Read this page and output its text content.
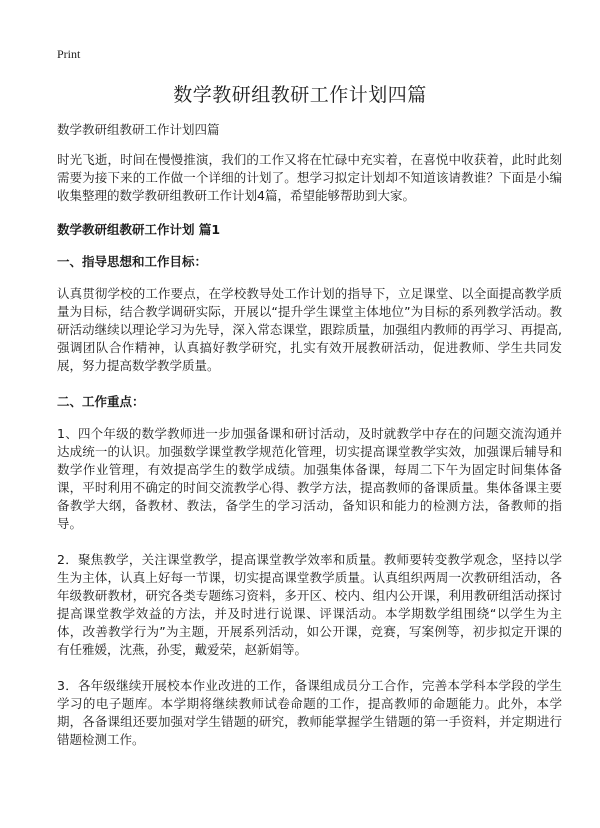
Print
数学教研组教研工作计划四篇

数学教研组教研工作计划四篇

时光飞逝，时间在慢慢推演，我们的工作又将在忙碌中充实着，在喜悦中收获着，此时此刻需要为接下来的工作做一个详细的计划了。想学习拟定计划却不知道该请教谁？下面是小编收集整理的数学教研组教研工作计划4篇，希望能够帮助到大家。

数学教研组教研工作计划 篇1

一、指导思想和工作目标：

认真贯彻学校的工作要点，在学校教导处工作计划的指导下，立足课堂、以全面提高教学质量为目标，结合教学调研实际，开展以“提升学生课堂主体地位”为目标的系列教学活动。教研活动继续以理论学习为先导，深入常态课堂，跟踪质量，加强组内教师的再学习、再提高,强调团队合作精神，认真搞好教学研究，扎实有效开展教研活动，促进教师、学生共同发展，努力提高数学教学质量。

二、工作重点：

1、四个年级的数学教师进一步加强备课和研讨活动，及时就教学中存在的问题交流沟通并达成统一的认识。加强数学课堂教学规范化管理，切实提高课堂教学实效，加强课后辅导和数学作业管理，有效提高学生的数学成绩。加强集体备课，每周二下午为固定时间集体备课，平时利用不确定的时间交流教学心得、教学方法，提高教师的备课质量。集体备课主要备教学大纲，备教材、教法，备学生的学习活动，备知识和能力的检测方法，备教师的指导。

2．聚焦教学，关注课堂教学，提高课堂教学效率和质量。教师要转变教学观念，坚持以学生为主体，认真上好每一节课，切实提高课堂教学质量。认真组织两周一次教研组活动，各年级教研教材，研究各类专题练习资料，多开区、校内、组内公开课，利用教研组活动探讨提高课堂教学效益的方法，并及时进行说课、评课活动。本学期数学组围绕“以学生为主体，改善教学行为”为主题，开展系列活动，如公开课，竞赛，写案例等，初步拟定开课的有任雅媛，沈燕，孙雯，戴爱荣，赵新娟等。

3．各年级继续开展校本作业改进的工作，备课组成员分工合作，完善本学科本学段的学生学习的电子题库。本学期将继续教师试卷命题的工作，提高教师的命题能力。此外，本学期，各备课组还要加强对学生错题的研究，教师能掌握学生错题的第一手资料，并定期进行错题检测工作。
